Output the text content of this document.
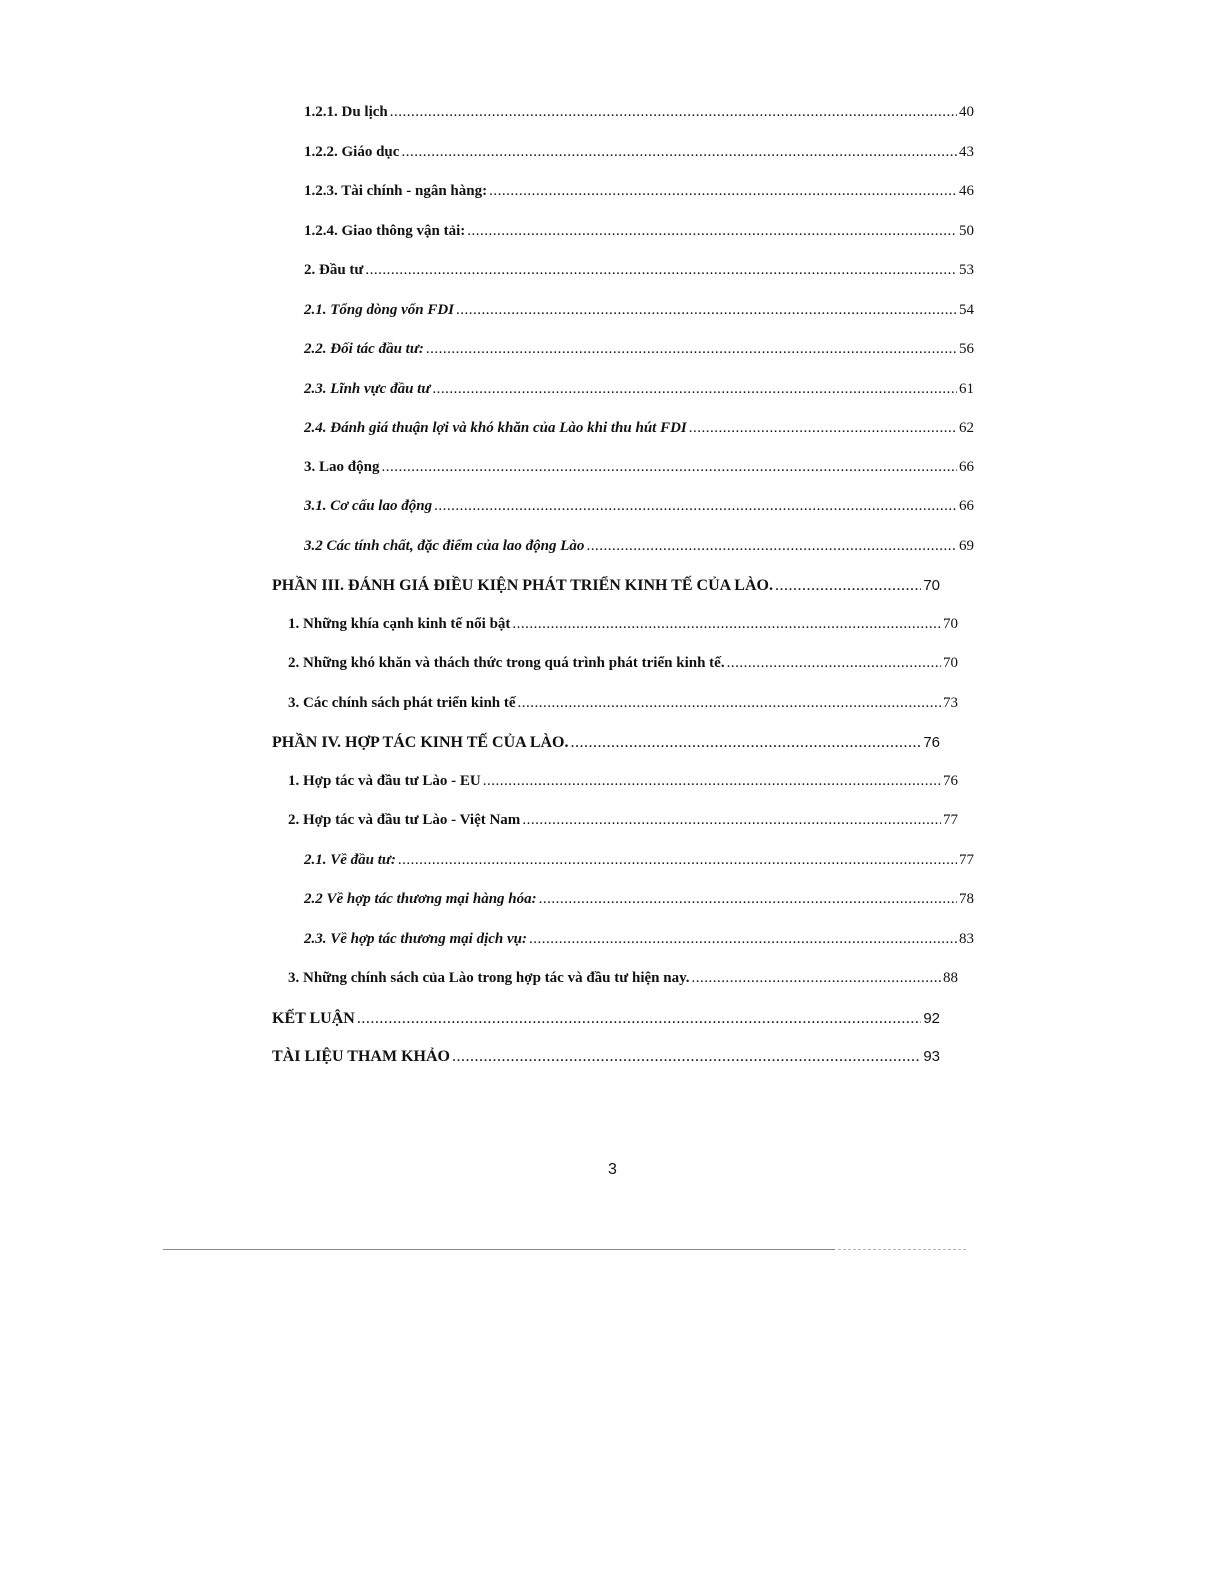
1.2.1. Du lịch .....	40
1.2.2. Giáo dục .....	43
1.2.3. Tài chính - ngân hàng: .....	46
1.2.4. Giao thông vận tải: .....	50
2. Đầu tư .....	53
2.1. Tổng dòng vốn FDI .....	54
2.2. Đối tác đầu tư: .....	56
2.3. Lĩnh vực đầu tư .....	61
2.4. Đánh giá thuận lợi và khó khăn của Lào khi thu hút FDI .....	62
3. Lao động .....	66
3.1. Cơ cấu lao động .....	66
3.2 Các tính chất, đặc điểm của lao động Lào .....	69
PHẦN III. ĐÁNH GIÁ ĐIỀU KIỆN PHÁT TRIỂN KINH TẾ CỦA LÀO. .....	70
1. Những khía cạnh kinh tế nổi bật .....	70
2. Những khó khăn và thách thức trong quá trình phát triển kinh tế. .....	70
3. Các chính sách phát triển kinh tế .....	73
PHẦN IV. HỢP TÁC KINH TẾ CỦA LÀO. .....	76
1. Hợp tác và đầu tư Lào - EU .....	76
2. Hợp tác và đầu tư Lào - Việt Nam .....	77
2.1. Về đầu tư: .....	77
2.2 Về hợp tác thương mại hàng hóa: .....	78
2.3. Về hợp tác thương mại dịch vụ: .....	83
3. Những chính sách của Lào trong hợp tác và đầu tư hiện nay. .....	88
KẾT LUẬN .....	92
TÀI LIỆU THAM KHẢO .....	93
3
